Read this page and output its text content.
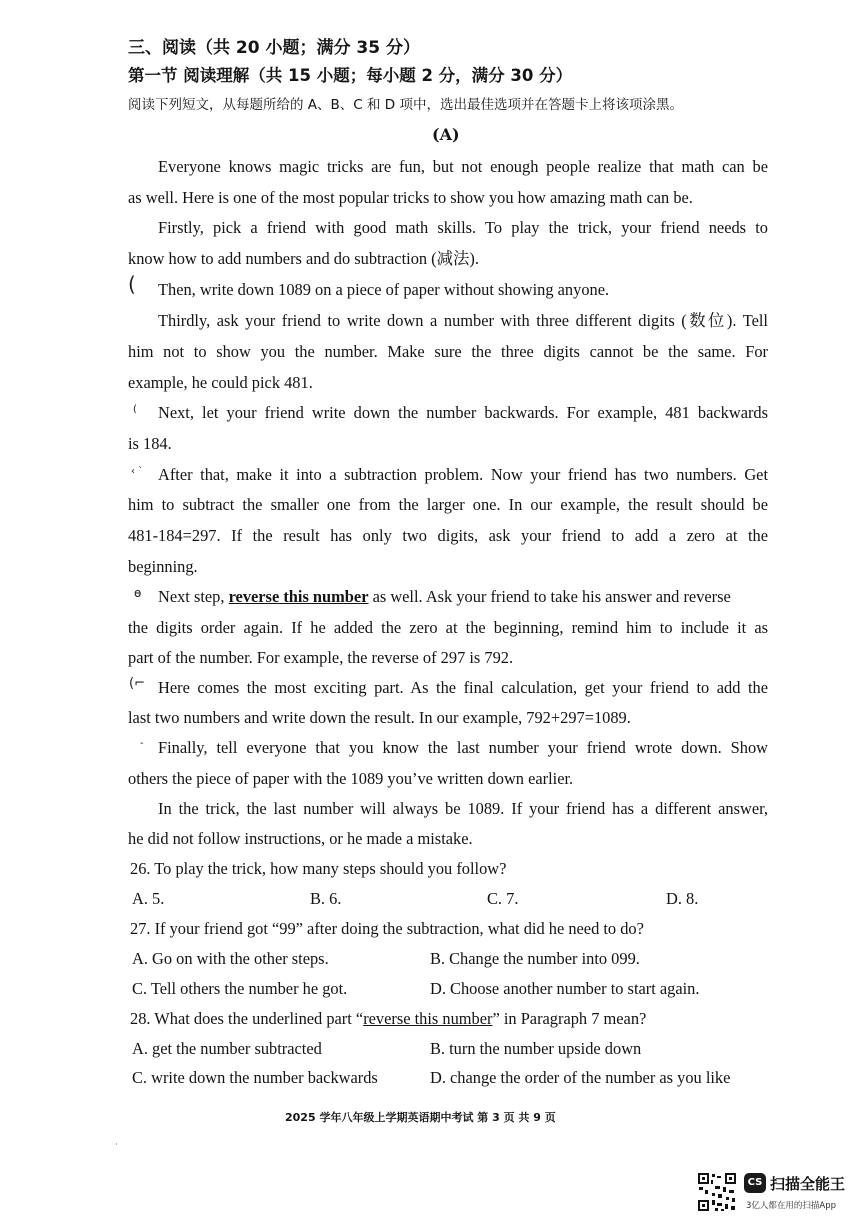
三、阅读（共 20 小题；满分 35 分）
第一节 阅读理解（共 15 小题；每小题 2 分，满分 30 分）
阅读下列短文，从每题所给的 A、B、C 和 D 项中，选出最佳选项并在答题卡上将该项涂黑。
(A)
Everyone knows magic tricks are fun, but not enough people realize that math can be
as well. Here is one of the most popular tricks to show you how amazing math can be.
Firstly, pick a friend with good math skills. To play the trick, your friend needs to
know how to add numbers and do subtraction (减法).
Then, write down 1089 on a piece of paper without showing anyone.
Thirdly, ask your friend to write down a number with three different digits (数位). Tell
him not to show you the number. Make sure the three digits cannot be the same. For
example, he could pick 481.
Next, let your friend write down the number backwards. For example, 481 backwards
is 184.
After that, make it into a subtraction problem. Now your friend has two numbers. Get
him to subtract the smaller one from the larger one. In our example, the result should be
481-184=297. If the result has only two digits, ask your friend to add a zero at the
beginning.
Next step, reverse this number as well. Ask your friend to take his answer and reverse
the digits order again. If he added the zero at the beginning, remind him to include it as
part of the number. For example, the reverse of 297 is 792.
Here comes the most exciting part. As the final calculation, get your friend to add the
last two numbers and write down the result. In our example, 792+297=1089.
Finally, tell everyone that you know the last number your friend wrote down. Show
others the piece of paper with the 1089 you’ve written down earlier.
In the trick, the last number will always be 1089. If your friend has a different answer,
he did not follow instructions, or he made a mistake.
(
(
‹ `
ɵ
(⌐
-
26. To play the trick, how many steps should you follow?
A. 5.	B. 6.	C. 7.	D. 8.
27. If your friend got “99” after doing the subtraction, what did he need to do?
A. Go on with the other steps.	B. Change the number into 099.
C. Tell others the number he got.	D. Choose another number to start again.
28. What does the underlined part “reverse this number” in Paragraph 7 mean?
A. get the number subtracted	B. turn the number upside down
C. write down the number backwards	D. change the order of the number as you like
2025 学年八年级上学期英语期中考试 第 3 页 共 9 页
·
CS 扫描全能王
3亿人都在用的扫描App
